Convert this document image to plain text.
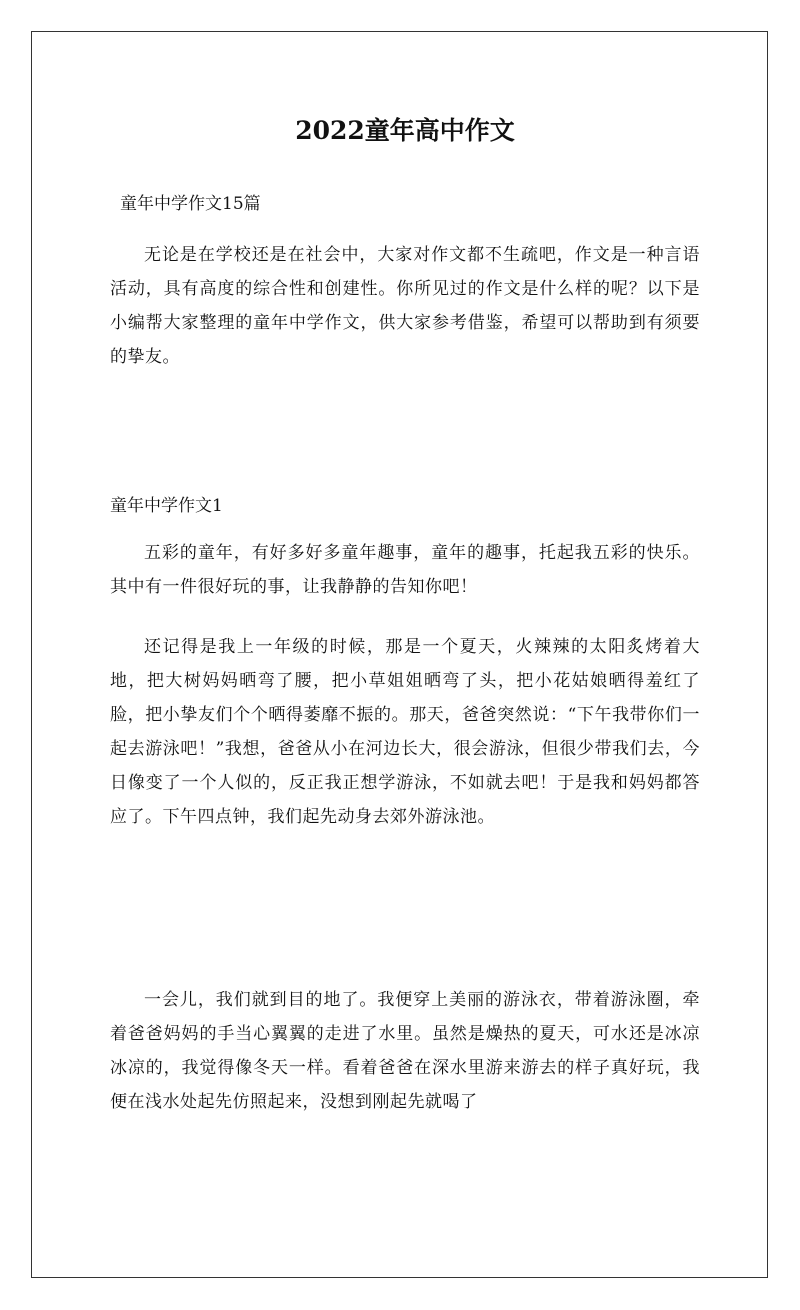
2022童年高中作文

童年中学作文15篇

无论是在学校还是在社会中，大家对作文都不生疏吧，作文是一种言语活动，具有高度的综合性和创建性。你所见过的作文是什么样的呢？以下是小编帮大家整理的童年中学作文，供大家参考借鉴，希望可以帮助到有须要的挚友。

童年中学作文1

五彩的童年，有好多好多童年趣事，童年的趣事，托起我五彩的快乐。其中有一件很好玩的事，让我静静的告知你吧！

还记得是我上一年级的时候，那是一个夏天，火辣辣的太阳炙烤着大地，把大树妈妈晒弯了腰，把小草姐姐晒弯了头，把小花姑娘晒得羞红了脸，把小挚友们个个晒得萎靡不振的。那天，爸爸突然说：“下午我带你们一起去游泳吧！”我想，爸爸从小在河边长大，很会游泳，但很少带我们去，今日像变了一个人似的，反正我正想学游泳，不如就去吧！于是我和妈妈都答应了。下午四点钟，我们起先动身去郊外游泳池。

一会儿，我们就到目的地了。我便穿上美丽的游泳衣，带着游泳圈，牵着爸爸妈妈的手当心翼翼的走进了水里。虽然是燥热的夏天，可水还是冰凉冰凉的，我觉得像冬天一样。看着爸爸在深水里游来游去的样子真好玩，我便在浅水处起先仿照起来，没想到刚起先就喝了
